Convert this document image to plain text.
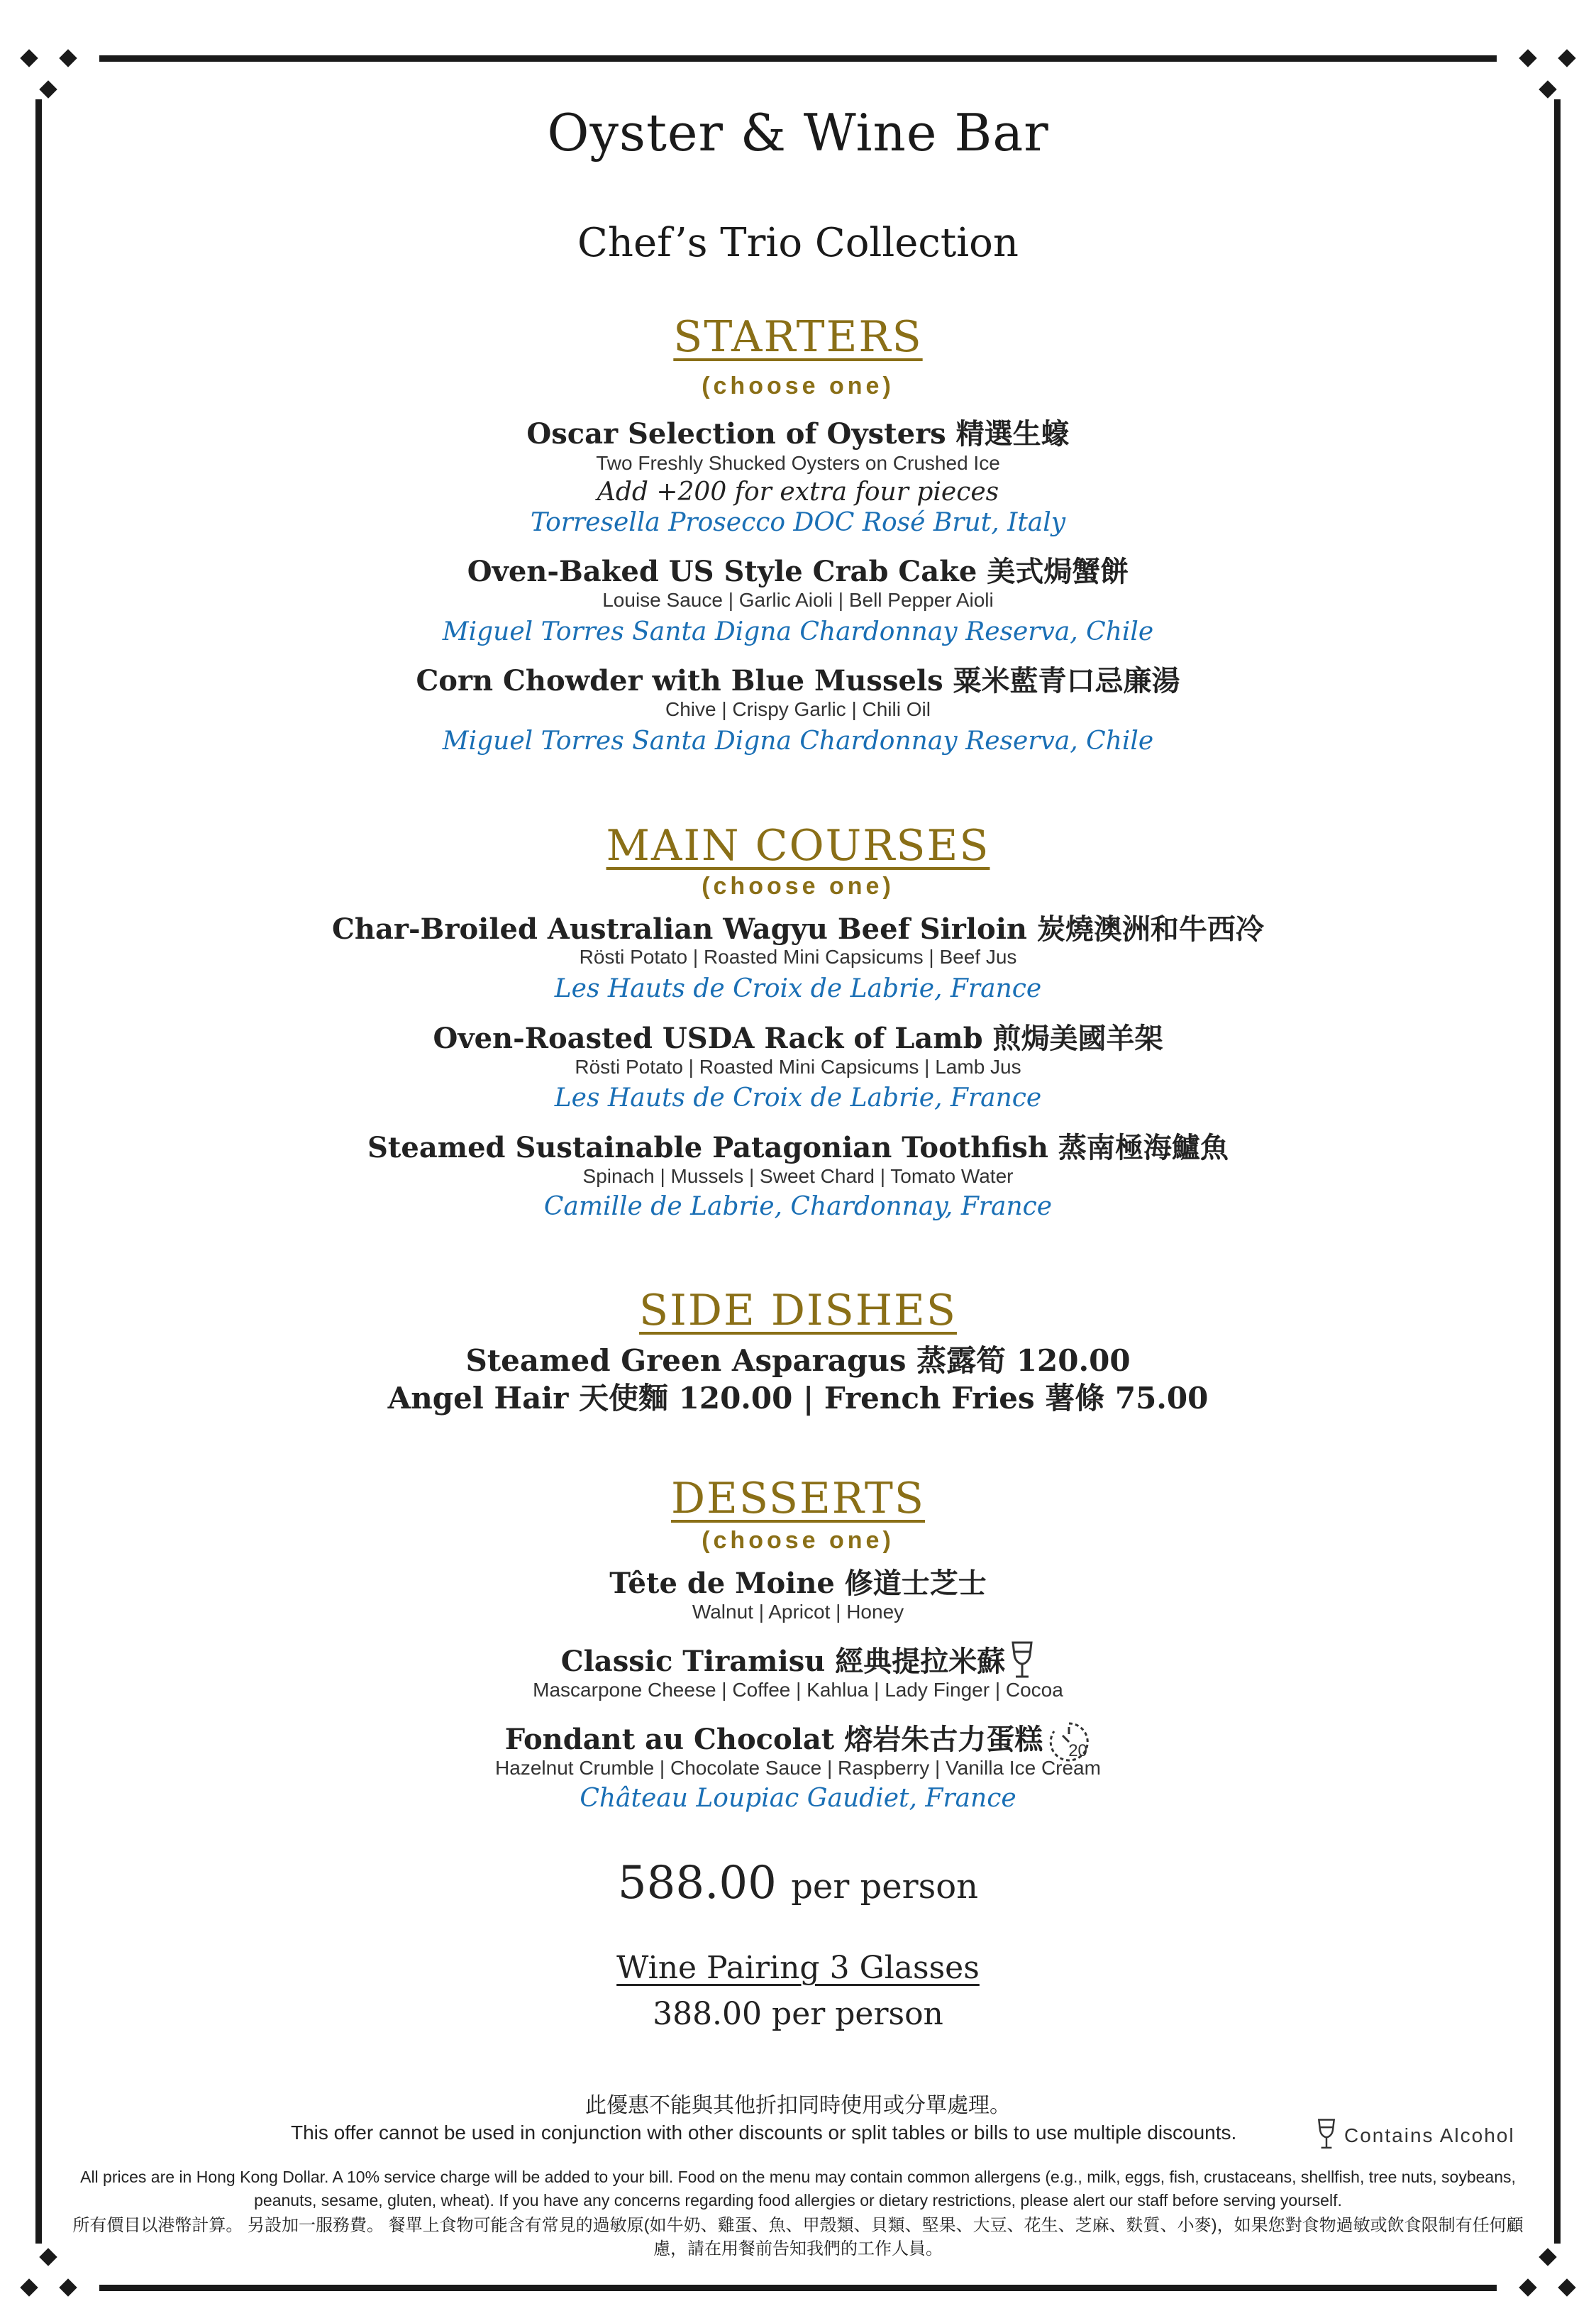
Oyster & Wine Bar
Chef’s Trio Collection
STARTERS
(choose one)
Oscar Selection of Oysters 精選生蠔
Two Freshly Shucked Oysters on Crushed Ice
Add +200 for extra four pieces
Torresella Prosecco DOC Rosé Brut, Italy
Oven-Baked US Style Crab Cake 美式焗蟹餅
Louise Sauce | Garlic Aioli | Bell Pepper Aioli
Miguel Torres Santa Digna Chardonnay Reserva, Chile
Corn Chowder with Blue Mussels 粟米藍青口忌廉湯
Chive | Crispy Garlic | Chili Oil
Miguel Torres Santa Digna Chardonnay Reserva, Chile
MAIN COURSES
(choose one)
Char-Broiled Australian Wagyu Beef Sirloin 炭燒澳洲和牛西冷
Rösti Potato | Roasted Mini Capsicums | Beef Jus
Les Hauts de Croix de Labrie, France
Oven-Roasted USDA Rack of Lamb 煎焗美國羊架
Rösti Potato | Roasted Mini Capsicums | Lamb Jus
Les Hauts de Croix de Labrie, France
Steamed Sustainable Patagonian Toothfish 蒸南極海鱸魚
Spinach | Mussels | Sweet Chard | Tomato Water
Camille de Labrie, Chardonnay, France
SIDE DISHES
Steamed Green Asparagus 蒸露筍 120.00
Angel Hair 天使麵 120.00 | French Fries 薯條 75.00
DESSERTS
(choose one)
Tête de Moine 修道士芝士
Walnut | Apricot | Honey
Classic Tiramisu 經典提拉米蘇
Mascarpone Cheese | Coffee | Kahlua | Lady Finger | Cocoa
Fondant au Chocolat 熔岩朱古力蛋糕 20
Hazelnut Crumble | Chocolate Sauce | Raspberry | Vanilla Ice Cream
Château Loupiac Gaudiet, France
588.00 per person
Wine Pairing 3 Glasses
388.00 per person
此優惠不能與其他折扣同時使用或分單處理。
This offer cannot be used in conjunction with other discounts or split tables or bills to use multiple discounts.	Contains Alcohol
All prices are in Hong Kong Dollar. A 10% service charge will be added to your bill. Food on the menu may contain common allergens (e.g., milk, eggs, fish, crustaceans, shellfish, tree nuts, soybeans, peanuts, sesame, gluten, wheat). If you have any concerns regarding food allergies or dietary restrictions, please alert our staff before serving yourself.
所有價目以港幣計算。 另設加一服務費。 餐單上食物可能含有常見的過敏原(如牛奶、雞蛋、魚、甲殼類、貝類、堅果、大豆、花生、芝麻、麩質、小麥)，如果您對食物過敏或飲食限制有任何顧慮，請在用餐前告知我們的工作人員。
